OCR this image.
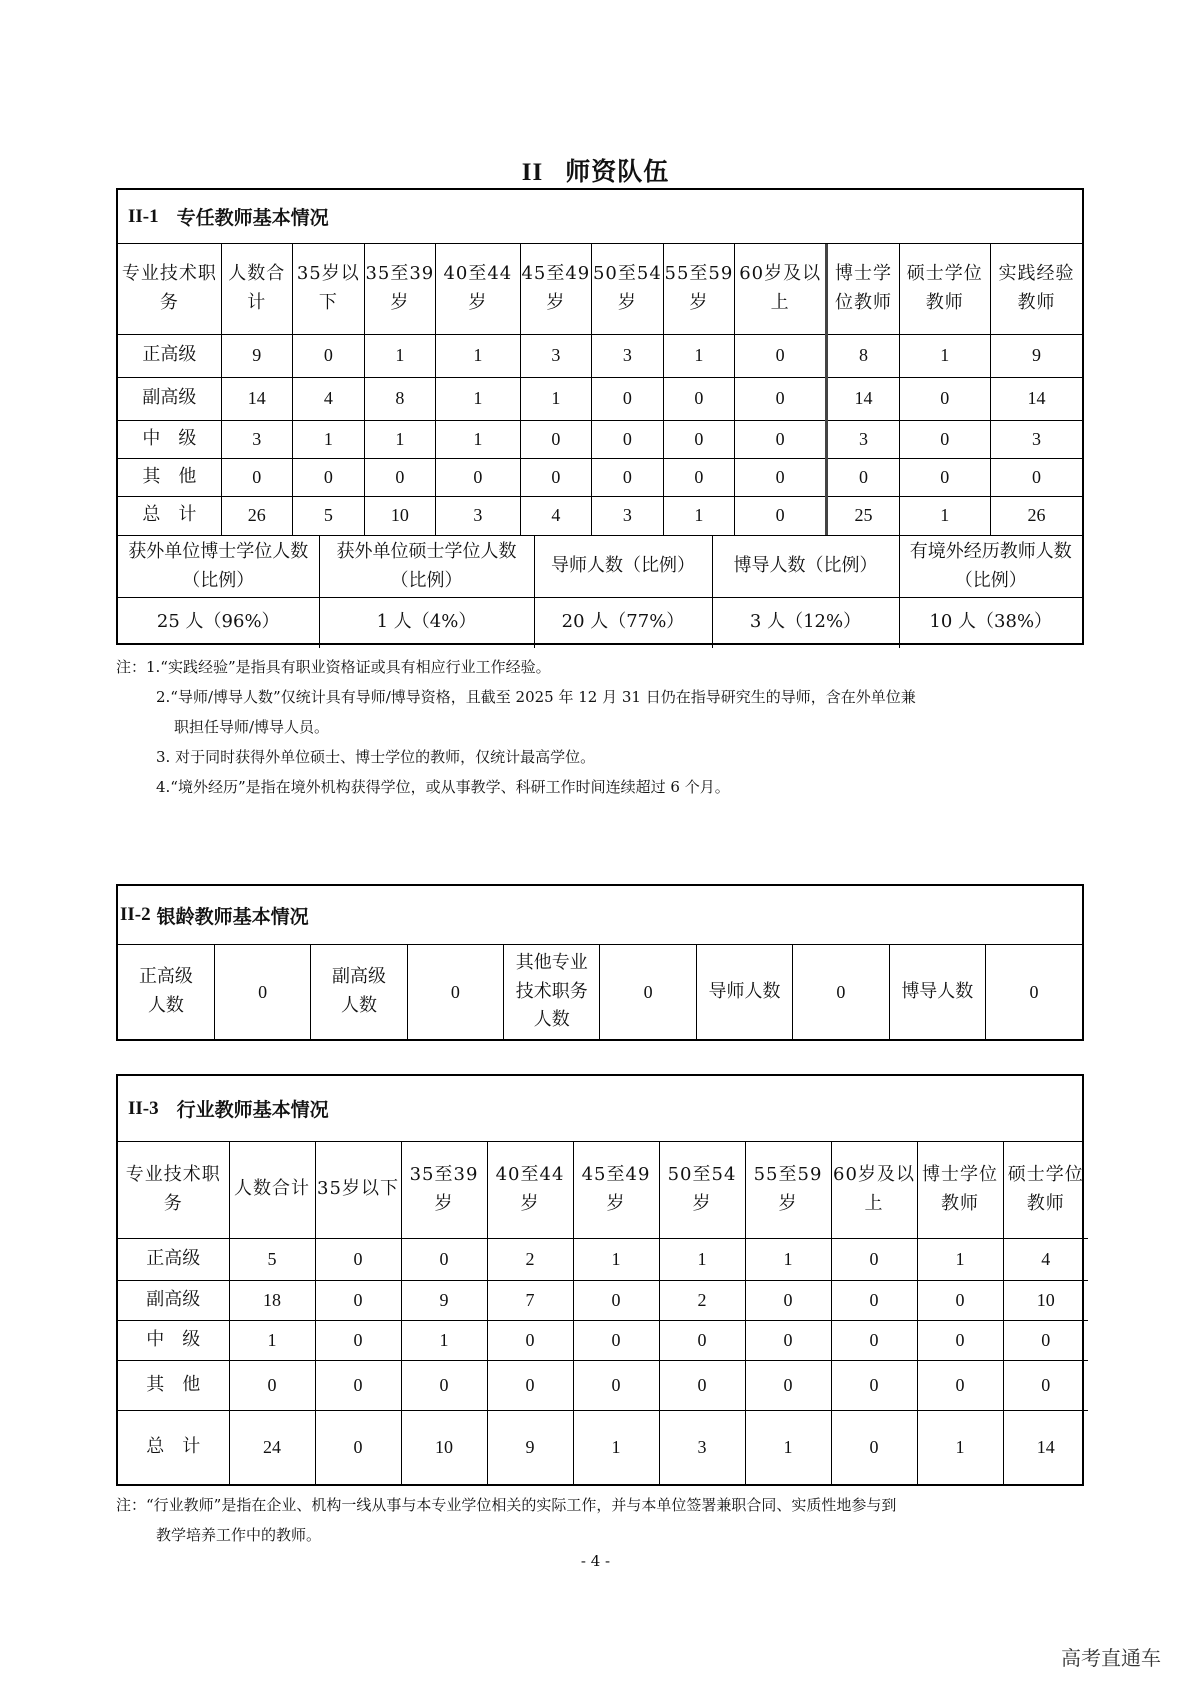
II 师资队伍
II-1 专任教师基本情况
专业技术职务	人数合计	35岁以下	35至39岁	40至44岁	45至49岁	50至54岁	55至59岁	60岁及以上	博士学位教师	硕士学位教师	实践经验教师
正高级	9	0	1	1	3	3	1	0	8	1	9
副高级	14	4	8	1	1	0	0	0	14	0	14
中　级	3	1	1	1	0	0	0	0	3	0	3
其　他	0	0	0	0	0	0	0	0	0	0	0
总　计	26	5	10	3	4	3	1	0	25	1	26
获外单位博士学位人数（比例）	获外单位硕士学位人数（比例）	导师人数（比例）	博导人数（比例）	有境外经历教师人数（比例）
25 人（96%）	1 人（4%）	20 人（77%）	3 人（12%）	10 人（38%）
注：1.“实践经验”是指具有职业资格证或具有相应行业工作经验。
2.“导师/博导人数”仅统计具有导师/博导资格，且截至 2025 年 12 月 31 日仍在指导研究生的导师，含在外单位兼
职担任导师/博导人员。
3. 对于同时获得外单位硕士、博士学位的教师，仅统计最高学位。
4.“境外经历”是指在境外机构获得学位，或从事教学、科研工作时间连续超过 6 个月。
II-2 银龄教师基本情况
正高级人数	0	副高级人数	0	其他专业技术职务人数	0	导师人数	0	博导人数	0
II-3 行业教师基本情况
专业技术职务	人数合计	35岁以下	35至39岁	40至44岁	45至49岁	50至54岁	55至59岁	60岁及以上	博士学位教师	硕士学位教师
正高级	5	0	0	2	1	1	1	0	1	4
副高级	18	0	9	7	0	2	0	0	0	10
中　级	1	0	1	0	0	0	0	0	0	0
其　他	0	0	0	0	0	0	0	0	0	0
总　计	24	0	10	9	1	3	1	0	1	14
注：“行业教师”是指在企业、机构一线从事与本专业学位相关的实际工作，并与本单位签署兼职合同、实质性地参与到
教学培养工作中的教师。
- 4 -
高考直通车
